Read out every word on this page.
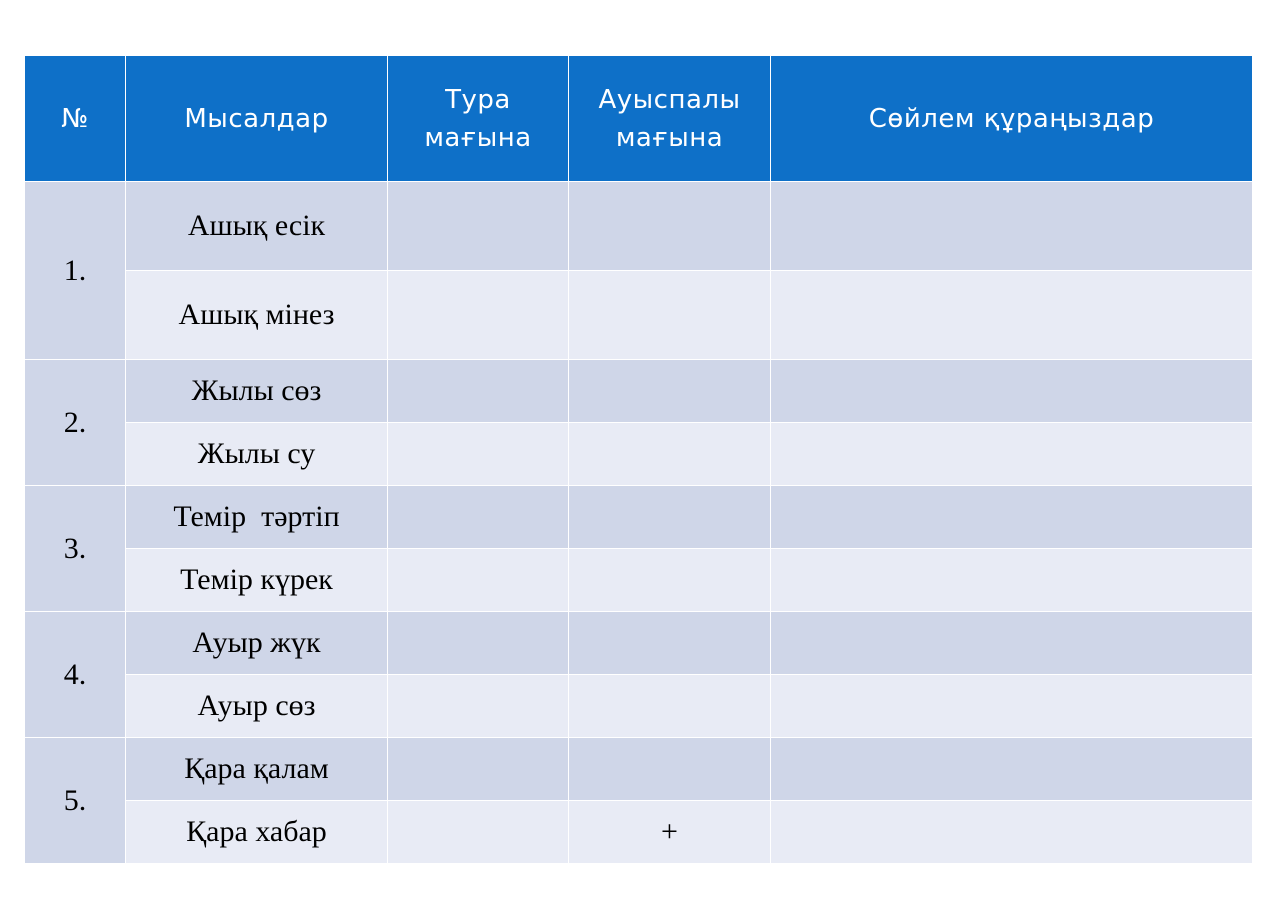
№	Мысалдар	Тура мағына	Ауыспалы мағына	Сөйлем құраңыздар
1.	Ашық есік			
	Ашық мінез			
2.	Жылы сөз			
	Жылы су			
3.	Темір  тәртіп			
	Темір күрек			
4.	Ауыр жүк			
	Ауыр сөз			
5.	Қара қалам			
	Қара хабар		+	
